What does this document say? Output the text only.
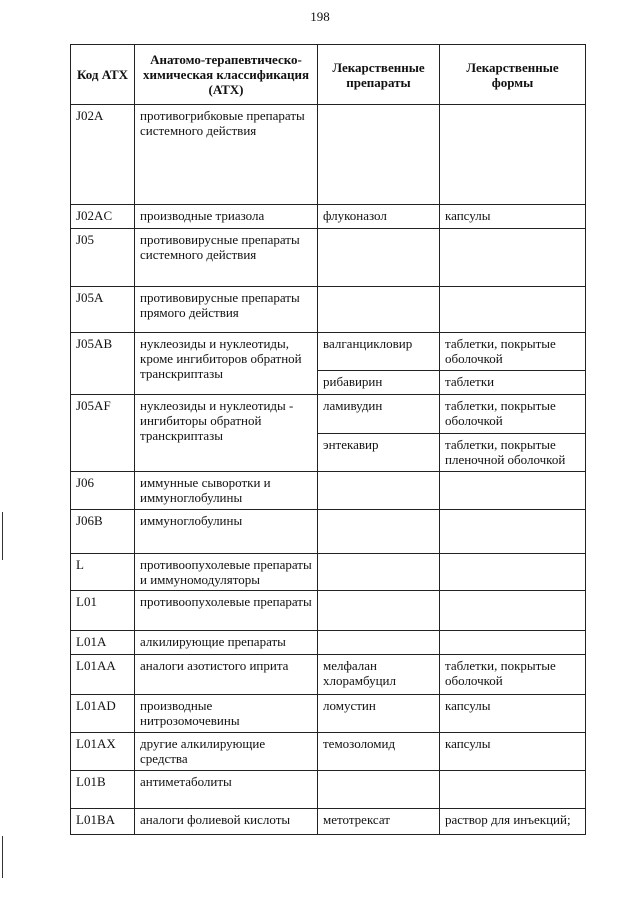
198
Код АТХ	Анатомо-терапевтическо-химическая классификация (АТХ)	Лекарственные препараты	Лекарственные формы
J02A	противогрибковые препараты системного действия		
J02AC	производные триазола	флуконазол	капсулы
J05	противовирусные препараты системного действия		
J05A	противовирусные препараты прямого действия		
J05AB	нуклеозиды и нуклеотиды, кроме ингибиторов обратной транскриптазы	валганцикловир	таблетки, покрытые оболочкой
		рибавирин	таблетки
J05AF	нуклеозиды и нуклеотиды - ингибиторы обратной транскриптазы	ламивудин	таблетки, покрытые оболочкой
		энтекавир	таблетки, покрытые пленочной оболочкой
J06	иммунные сыворотки и иммуноглобулины		
J06B	иммуноглобулины		
L	противоопухолевые препараты и иммуномодуляторы		
L01	противоопухолевые препараты		
L01A	алкилирующие препараты		
L01AA	аналоги азотистого иприта	мелфалан хлорамбуцил	таблетки, покрытые оболочкой
L01AD	производные нитрозомочевины	ломустин	капсулы
L01AX	другие алкилирующие средства	темозоломид	капсулы
L01B	антиметаболиты		
L01BA	аналоги фолиевой кислоты	метотрексат	раствор для инъекций;
